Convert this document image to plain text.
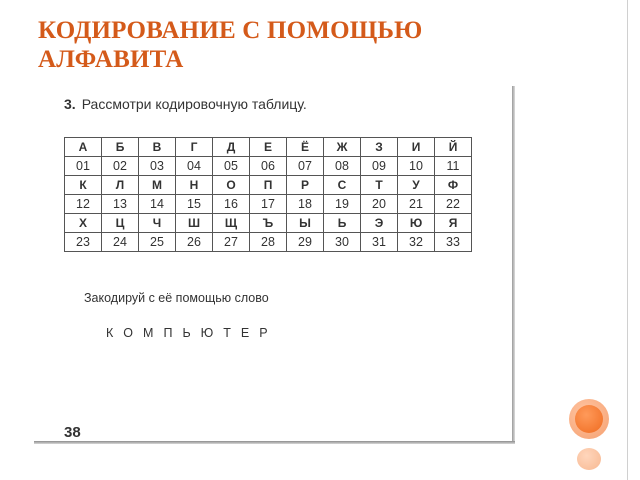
КОДИРОВАНИЕ С ПОМОЩЬЮ
АЛФАВИТА
3. Рассмотри кодировочную таблицу.
А	Б	В	Г	Д	Е	Ё	Ж	З	И	Й
01	02	03	04	05	06	07	08	09	10	11
К	Л	М	Н	О	П	Р	С	Т	У	Ф
12	13	14	15	16	17	18	19	20	21	22
Х	Ц	Ч	Ш	Щ	Ъ	Ы	Ь	Э	Ю	Я
23	24	25	26	27	28	29	30	31	32	33
Закодируй с её помощью слово
К О М П Ь Ю Т Е Р
38
